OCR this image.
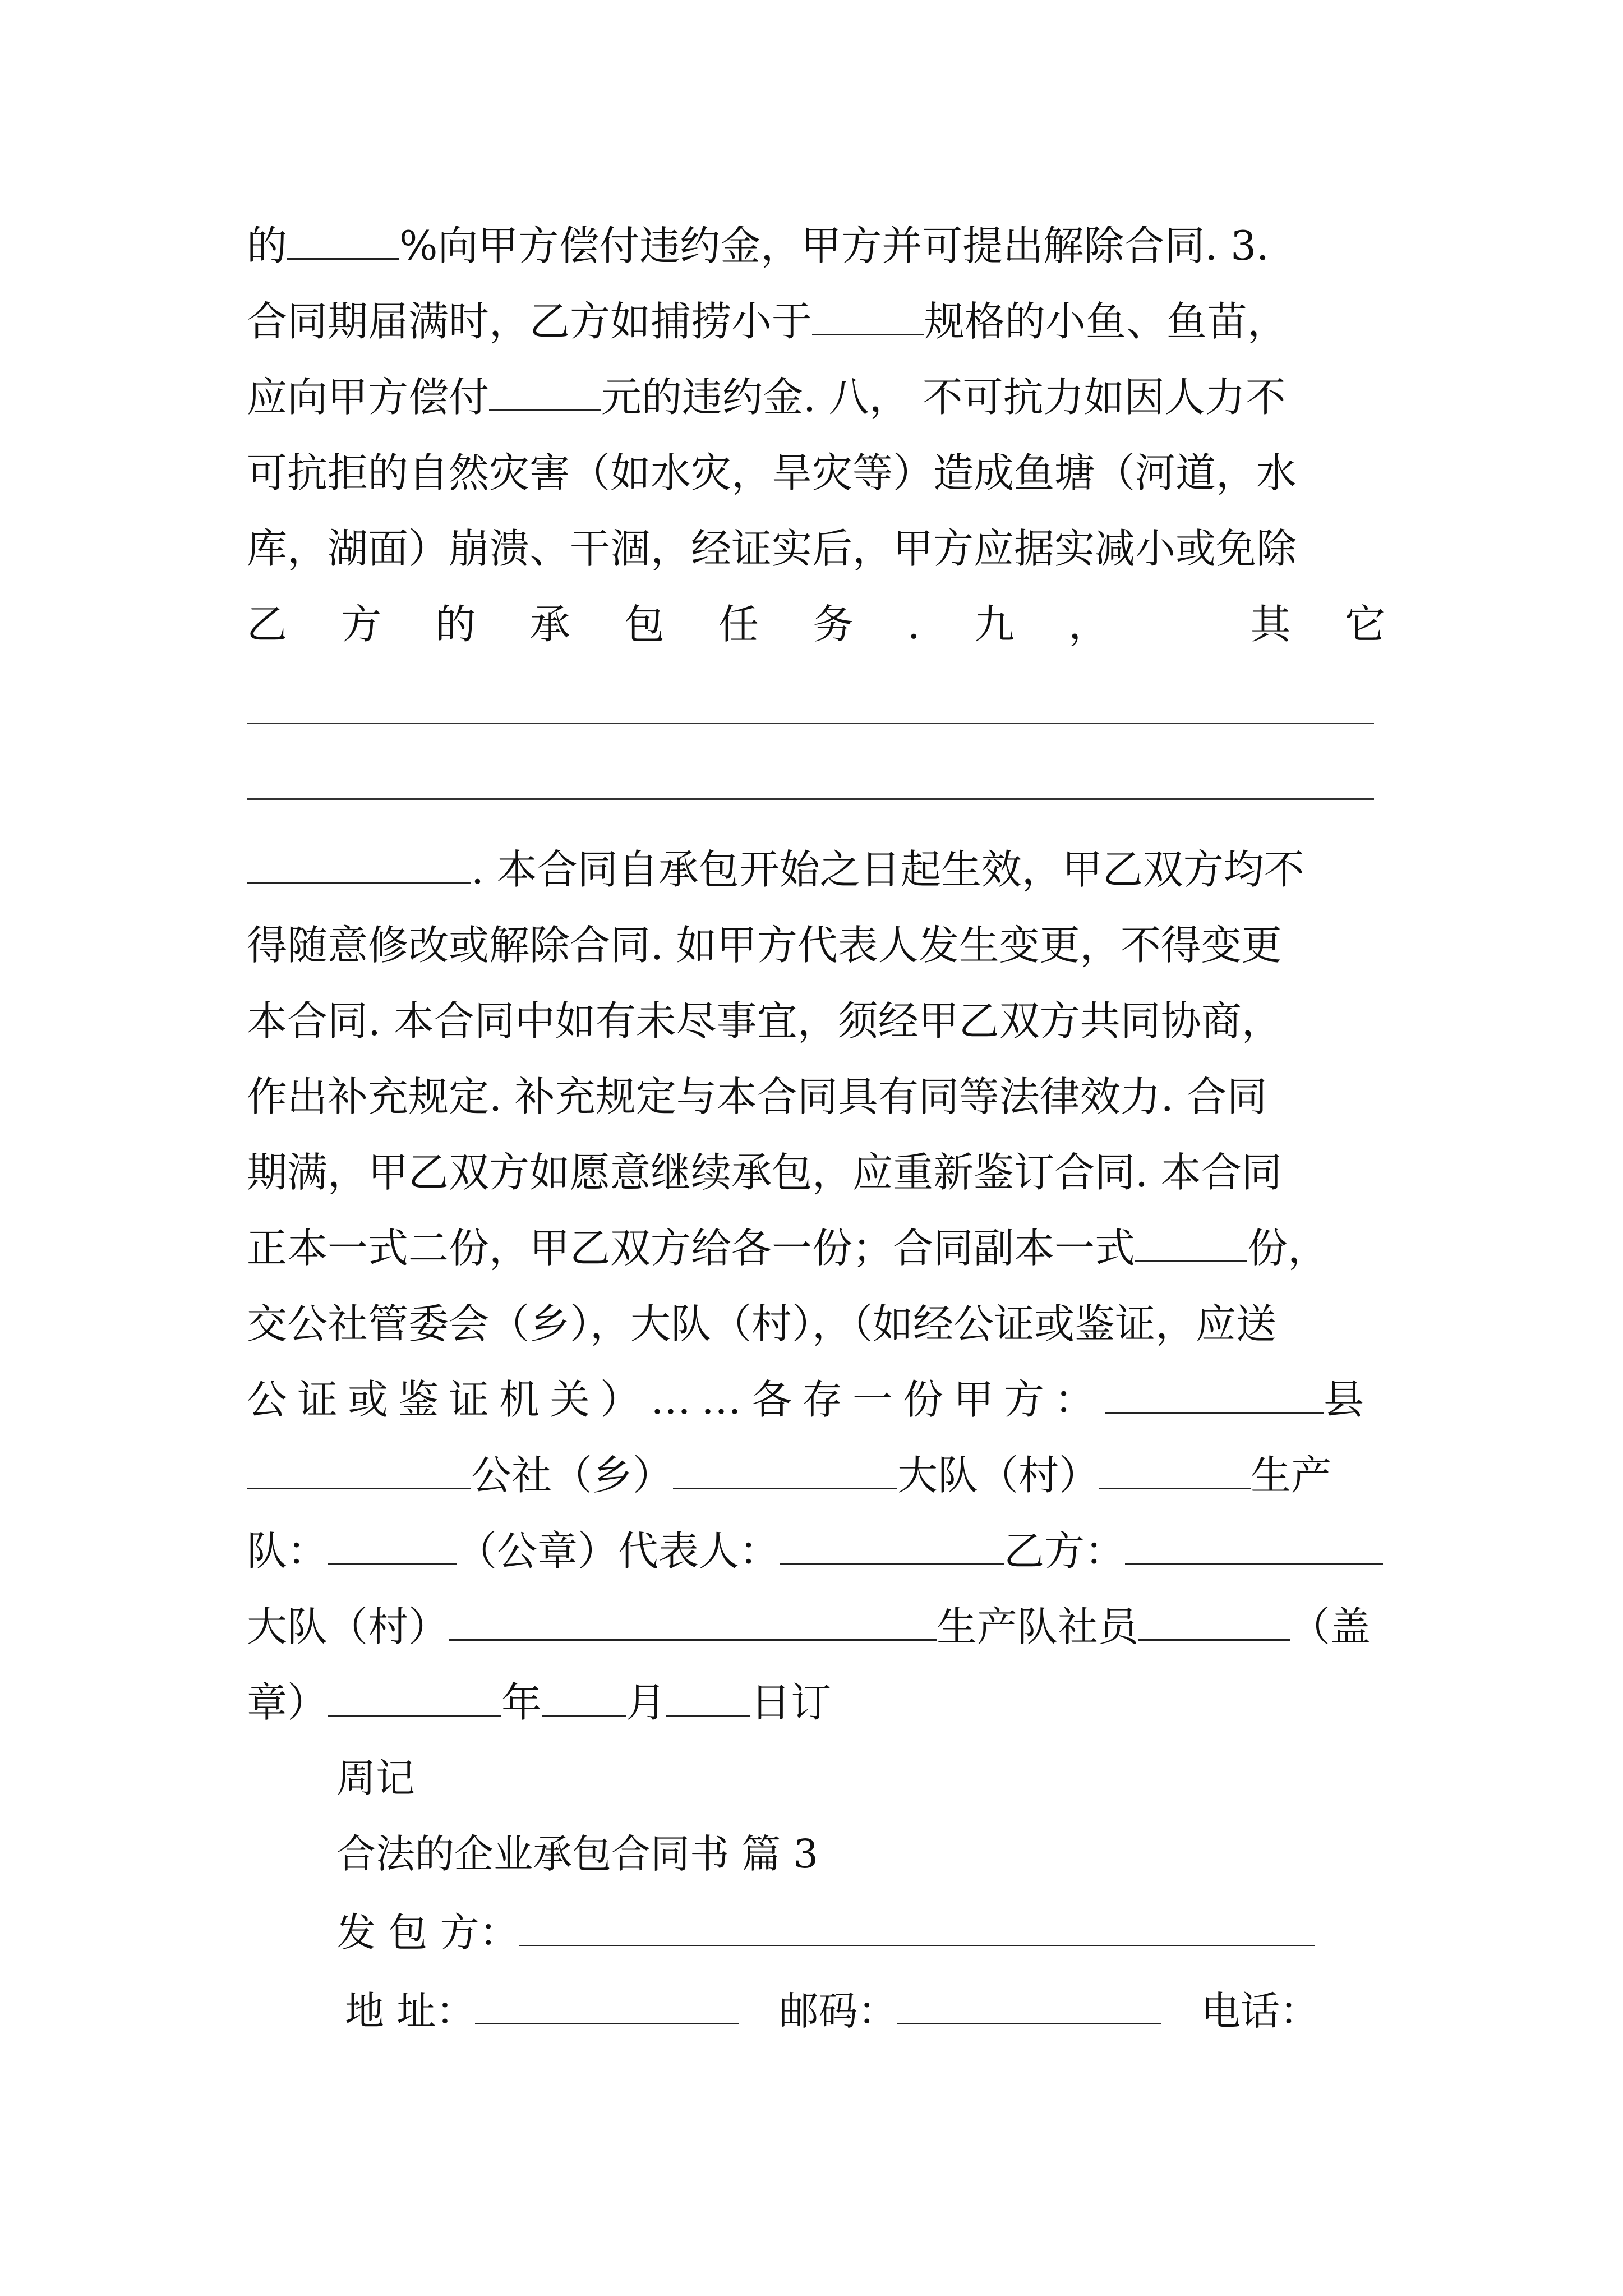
的	%向甲方偿付违约金，甲方并可提出解除合同. 3.
合同期届满时，乙方如捕捞小于	规格的小鱼、鱼苗，
应向甲方偿付	元的违约金. 八， 不可抗力如因人力不
可抗拒的自然灾害（如水灾，旱灾等）造成鱼塘（河道，水
库，湖面）崩溃、干涸，经证实后，甲方应据实减小或免除
乙 方 的 承 包 任 务 . 九 ，	其 它
. 本合同自承包开始之日起生效，甲乙双方均不
得随意修改或解除合同. 如甲方代表人发生变更，不得变更
本合同. 本合同中如有未尽事宜，须经甲乙双方共同协商，
作出补充规定. 补充规定与本合同具有同等法律效力. 合同
期满，甲乙双方如愿意继续承包，应重新鉴订合同. 本合同
正本一式二份，甲乙双方给各一份；合同副本一式	份，
交公社管委会（乡），大队（村），（如经公证或鉴证，应送
公证或鉴证机关）……各存一份甲方：	县
公社（乡）	大队（村）	生产
队：	（公章）代表人：	乙方：
大队（村）	生产队社员	（盖
章）	年 月 日订
周记
合法的企业承包合同书 篇 3
发 包 方：
地 址：	邮码：	电话：
